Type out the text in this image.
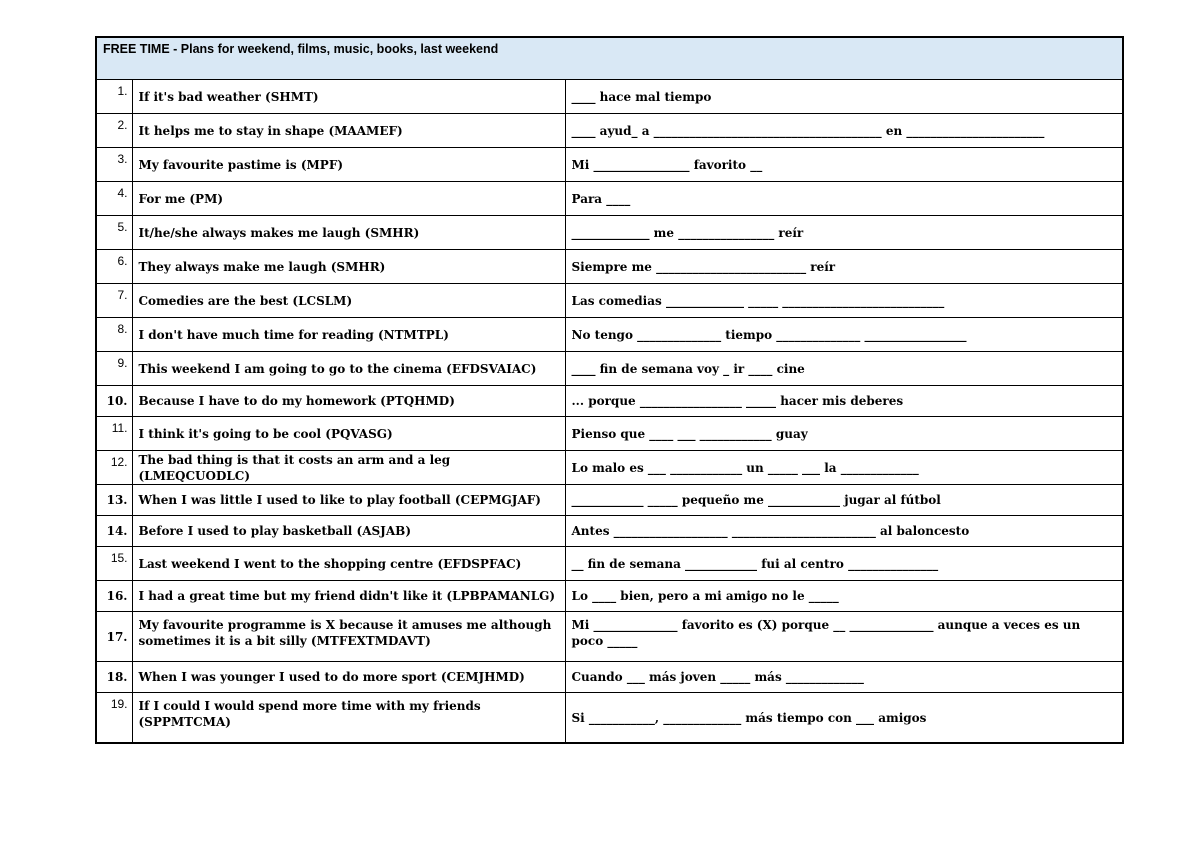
FREE TIME - Plans for weekend, films, music, books, last weekend		
1.	If it's bad weather (SHMT)	____ hace mal tiempo
2.	It helps me to stay in shape (MAAMEF)	____ ayud_ a ______________________________________ en _______________________
3.	My favourite pastime is (MPF)	Mi ________________ favorito __
4.	For me (PM)	Para ____
5.	It/he/she always makes me laugh (SMHR)	_____________ me ________________ reír
6.	They always make me laugh (SMHR)	Siempre me _________________________ reír
7.	Comedies are the best (LCSLM)	Las comedias _____________ _____ ___________________________
8.	I don't have much time for reading (NTMTPL)	No tengo ______________ tiempo ______________ _________________
9.	This weekend I am going to go to the cinema (EFDSVAIAC)	____ fin de semana voy _ ir ____ cine
10.	Because I have to do my homework (PTQHMD)	... porque _________________ _____ hacer mis deberes
11.	I think it's going to be cool (PQVASG)	Pienso que ____ ___ ____________ guay
12.	The bad thing is that it costs an arm and a leg (LMEQCUODLC)	Lo malo es ___ ____________ un _____ ___ la _____________
13.	When I was little I used to like to play football (CEPMGJAF)	____________ _____ pequeño me ____________ jugar al fútbol
14.	Before I used to play basketball (ASJAB)	Antes ___________________ ________________________ al baloncesto
15.	Last weekend I went to the shopping centre (EFDSPFAC)	__ fin de semana ____________ fui al centro _______________
16.	I had a great time but my friend didn't like it (LPBPAMANLG)	Lo ____ bien, pero a mi amigo no le _____
17.	My favourite programme is X because it amuses me although sometimes it is a bit silly (MTFEXTMDAVT)	Mi ______________ favorito es (X) porque __ ______________ aunque a veces es un poco _____
18.	When I was younger I used to do more sport (CEMJHMD)	Cuando ___ más joven _____ más _____________
19.	If I could I would spend more time with my friends (SPPMTCMA)	Si ___________, _____________ más tiempo con ___ amigos
